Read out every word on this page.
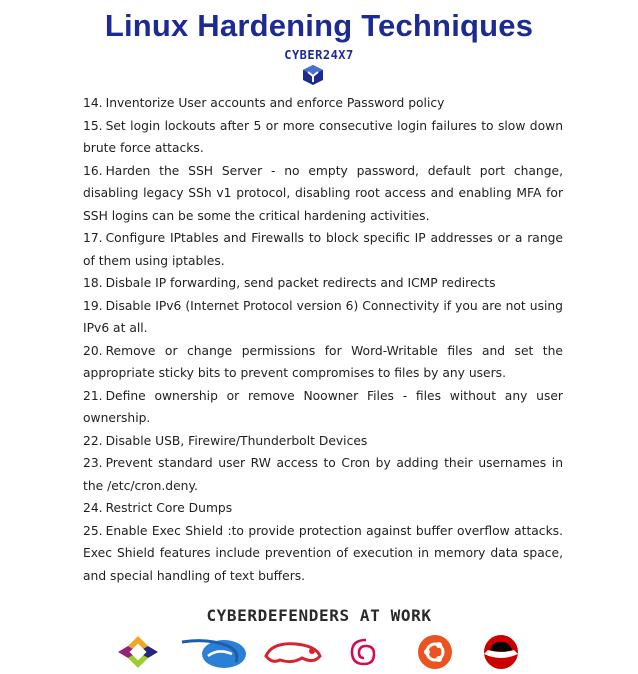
Linux Hardening Techniques
CYBER24X7

14. Inventorize User accounts and enforce Password policy

15. Set login lockouts after 5 or more consecutive login failures to slow down brute force attacks.

16. Harden the SSH Server - no empty password, default port change, disabling legacy SSh v1 protocol, disabling root access and enabling MFA for SSH logins can be some the critical hardening activities.

17. Configure IPtables and Firewalls to block specific IP addresses or a range of them using iptables.

18. Disbale IP forwarding, send packet redirects and ICMP redirects

19. Disable IPv6 (Internet Protocol version 6) Connectivity if you are not using IPv6 at all.

20. Remove or change permissions for Word-Writable files and set the appropriate sticky bits to prevent compromises to files by any users.

21. Define ownership or remove Noowner Files - files without any user ownership.

22. Disable USB, Firewire/Thunderbolt Devices

23. Prevent standard user RW access to Cron by adding their usernames in the /etc/cron.deny.

24. Restrict Core Dumps

25. Enable Exec Shield :to provide protection against buffer overflow attacks. Exec Shield features include prevention of execution in memory data space, and special handling of text buffers.

CYBERDEFENDERS AT WORK
